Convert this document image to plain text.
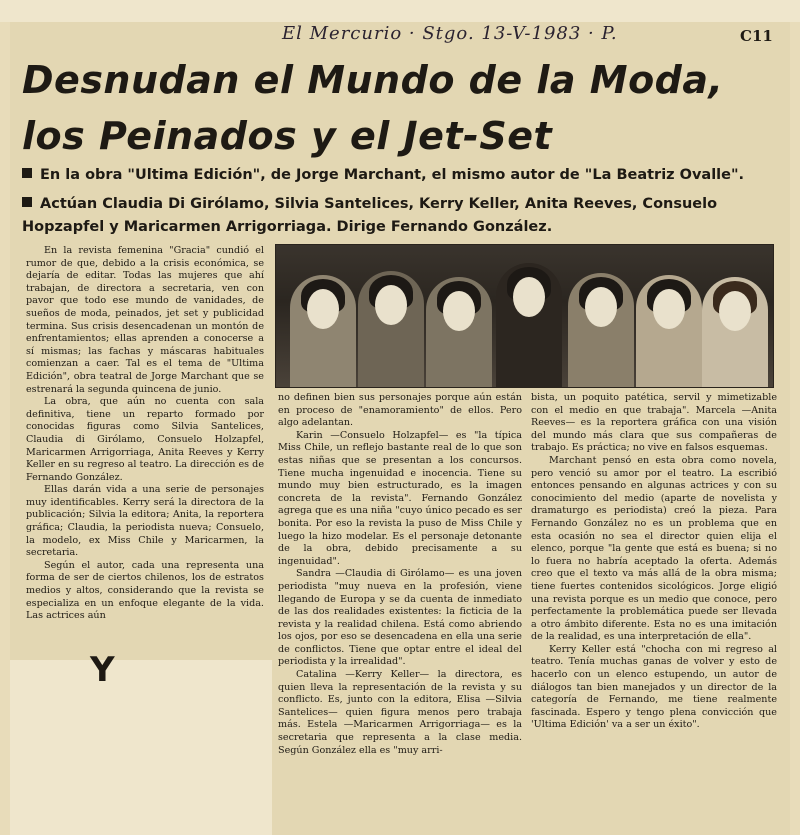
El Mercurio · Stgo. 13-V-1983 · P.	C11
Desnudan el Mundo de la Moda, los Peinados y el Jet-Set
En la obra "Ultima Edición", de Jorge Marchant, el mismo autor de "La Beatriz Ovalle".
Actúan Claudia Di Girólamo, Silvia Santelices, Kerry Keller, Anita Reeves, Consuelo Hopzapfel y Maricarmen Arrigorriaga. Dirige Fernando González.

En la revista femenina "Gracia" cundió el rumor de que, debido a la crisis económica, se dejaría de editar. Todas las mujeres que ahí trabajan, de directora a secretaria, ven con pavor que todo ese mundo de vanidades, de sueños de moda, peinados, jet set y publicidad termina. Sus crisis desencadenan un montón de enfrentamientos; ellas aprenden a conocerse a sí mismas; las fachas y máscaras habituales comienzan a caer. Tal es el tema de "Ultima Edición", obra teatral de Jorge Marchant que se estrenará la segunda quincena de junio.

La obra, que aún no cuenta con sala definitiva, tiene un reparto formado por conocidas figuras como Silvia Santelices, Claudia di Girólamo, Consuelo Holzapfel, Maricarmen Arrigorriaga, Anita Reeves y Kerry Keller en su regreso al teatro. La dirección es de Fernando González.

Ellas darán vida a una serie de personajes muy identificables. Kerry será la directora de la publicación; Silvia la editora; Anita, la reportera gráfica; Claudia, la periodista nueva; Consuelo, la modelo, ex Miss Chile y Maricarmen, la secretaria.

Según el autor, cada una representa una forma de ser de ciertos chilenos, los de estratos medios y altos, considerando que la revista se especializa en un enfoque elegante de la vida. Las actrices aún

no definen bien sus personajes porque aún están en proceso de "enamoramiento" de ellos. Pero algo adelantan.

Karin —Consuelo Holzapfel— es "la típica Miss Chile, un reflejo bastante real de lo que son estas niñas que se presentan a los concursos. Tiene mucha ingenuidad e inocencia. Tiene su mundo muy bien estructurado, es la imagen concreta de la revista". Fernando González agrega que es una niña "cuyo único pecado es ser bonita. Por eso la revista la puso de Miss Chile y luego la hizo modelar. Es el personaje detonante de la obra, debido precisamente a su ingenuidad".

Sandra —Claudia di Girólamo— es una joven periodista "muy nueva en la profesión, viene llegando de Europa y se da cuenta de inmediato de las dos realidades existentes: la ficticia de la revista y la realidad chilena. Está como abriendo los ojos, por eso se desencadena en ella una serie de conflictos. Tiene que optar entre el ideal del periodista y la irrealidad".

Catalina —Kerry Keller— la directora, es quien lleva la representación de la revista y su conflicto. Es, junto con la editora, Elisa —Silvia Santelices— quien figura menos pero trabaja más. Estela —Maricarmen Arrigorriaga— es la secretaria que representa a la clase media. Según González ella es "muy arri-

bista, un poquito patética, servil y mimetizable con el medio en que trabaja". Marcela —Anita Reeves— es la reportera gráfica con una visión del mundo más clara que sus compañeras de trabajo. Es práctica; no vive en falsos esquemas.

Marchant pensó en esta obra como novela, pero venció su amor por el teatro. La escribió entonces pensando en algunas actrices y con su conocimiento del medio (aparte de novelista y dramaturgo es periodista) creó la pieza. Para Fernando González no es un problema que en esta ocasión no sea el director quien elija el elenco, porque "la gente que está es buena; si no lo fuera no habría aceptado la oferta. Además creo que el texto va más allá de la obra misma; tiene fuertes contenidos sicológicos. Jorge eligió una revista porque es un medio que conoce, pero perfectamente la problemática puede ser llevada a otro ámbito diferente. Esta no es una imitación de la realidad, es una interpretación de ella".

Kerry Keller está "chocha con mi regreso al teatro. Tenía muchas ganas de volver y esto de hacerlo con un elenco estupendo, un autor de diálogos tan bien manejados y un director de la categoría de Fernando, me tiene realmente fascinada. Espero y tengo plena convicción que 'Ultima Edición' va a ser un éxito".

Y
